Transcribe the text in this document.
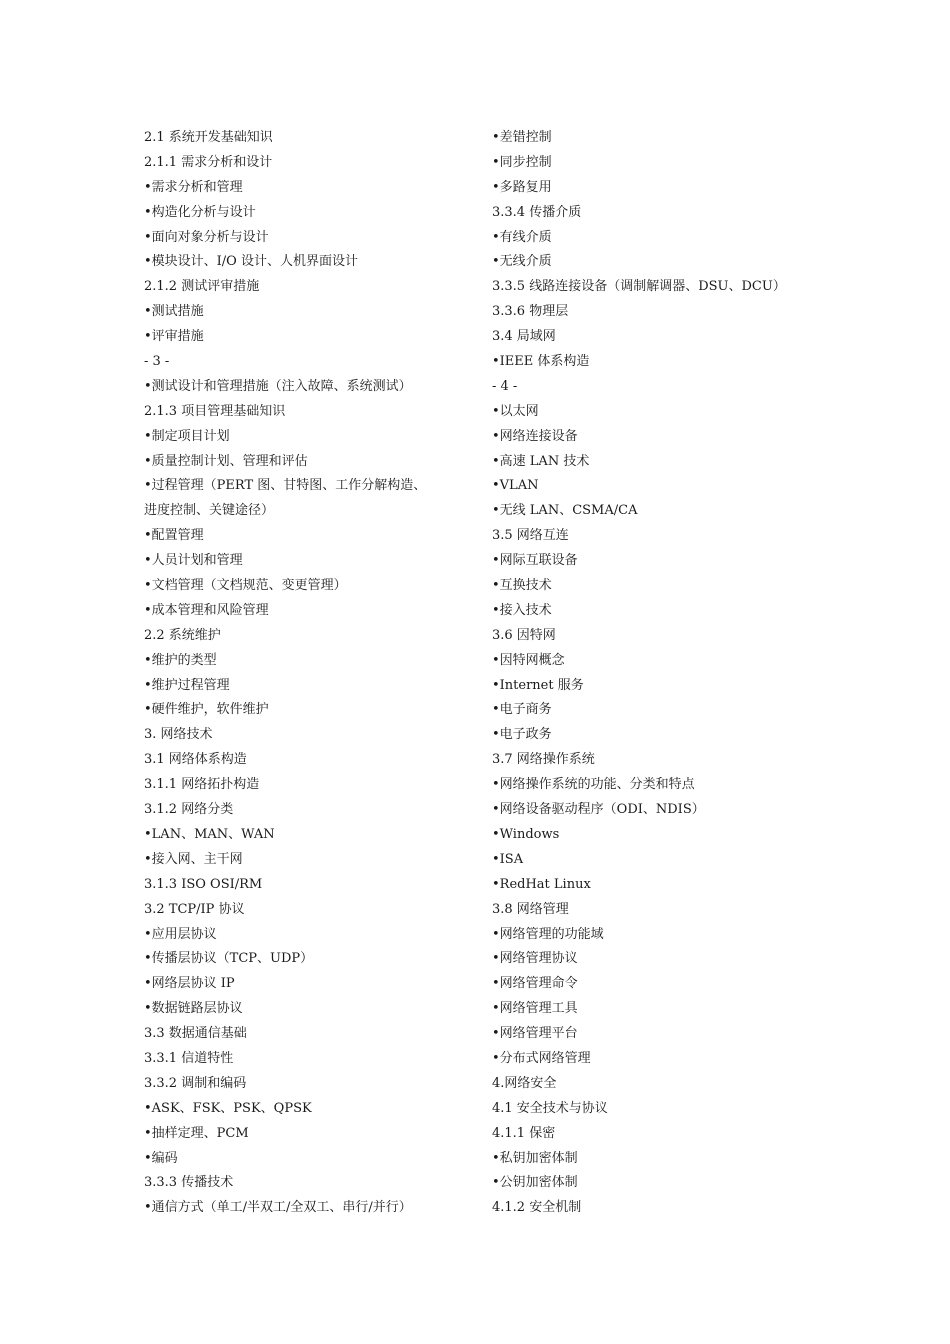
2.1 系统开发基础知识
2.1.1 需求分析和设计
•需求分析和管理
•构造化分析与设计
•面向对象分析与设计
•模块设计、I/O 设计、人机界面设计
2.1.2 测试评审措施
•测试措施
•评审措施
- 3 -
•测试设计和管理措施（注入故障、系统测试）
2.1.3 项目管理基础知识
•制定项目计划
•质量控制计划、管理和评估
•过程管理（PERT 图、甘特图、工作分解构造、
进度控制、关键途径）
•配置管理
•人员计划和管理
•文档管理（文档规范、变更管理）
•成本管理和风险管理
2.2 系统维护
•维护的类型
•维护过程管理
•硬件维护，软件维护
3. 网络技术
3.1 网络体系构造
3.1.1 网络拓扑构造
3.1.2 网络分类
•LAN、MAN、WAN
•接入网、主干网
3.1.3 ISO OSI/RM
3.2 TCP/IP 协议
•应用层协议
•传播层协议（TCP、UDP）
•网络层协议 IP
•数据链路层协议
3.3 数据通信基础
3.3.1 信道特性
3.3.2 调制和编码
•ASK、FSK、PSK、QPSK
•抽样定理、PCM
•编码
3.3.3 传播技术
•通信方式（单工/半双工/全双工、串行/并行）
•差错控制
•同步控制
•多路复用
3.3.4 传播介质
•有线介质
•无线介质
3.3.5 线路连接设备（调制解调器、DSU、DCU）
3.3.6 物理层
3.4 局域网
•IEEE 体系构造
- 4 -
•以太网
•网络连接设备
•高速 LAN 技术
•VLAN
•无线 LAN、CSMA/CA
3.5 网络互连
•网际互联设备
•互换技术
•接入技术
3.6 因特网
•因特网概念
•Internet 服务
•电子商务
•电子政务
3.7 网络操作系统
•网络操作系统的功能、分类和特点
•网络设备驱动程序（ODI、NDIS）
•Windows
•ISA
•RedHat Linux
3.8 网络管理
•网络管理的功能域
•网络管理协议
•网络管理命令
•网络管理工具
•网络管理平台
•分布式网络管理
4.网络安全
4.1 安全技术与协议
4.1.1 保密
•私钥加密体制
•公钥加密体制
4.1.2 安全机制
